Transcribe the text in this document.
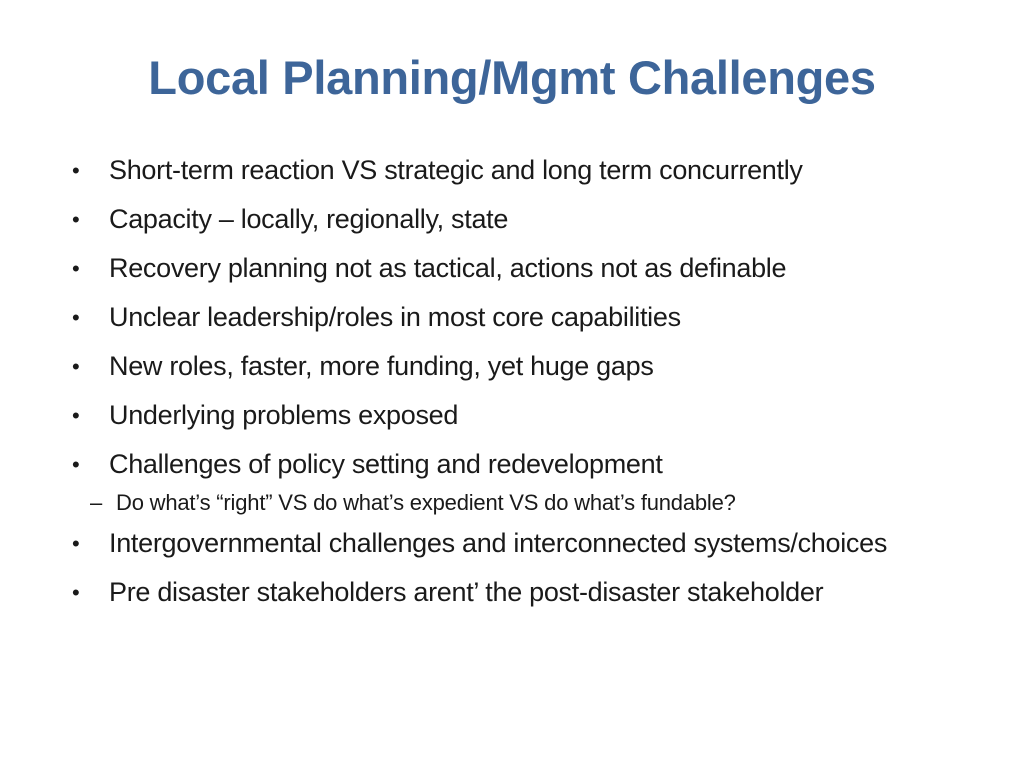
Local Planning/Mgmt Challenges
• Short-term reaction VS strategic and long term concurrently
• Capacity – locally, regionally, state
• Recovery planning not as tactical, actions not as definable
• Unclear leadership/roles in most core capabilities
• New roles, faster, more funding, yet huge gaps
• Underlying problems exposed
• Challenges of policy setting and redevelopment
– Do what’s “right” VS do what’s expedient VS do what’s fundable?
• Intergovernmental challenges and interconnected systems/choices
• Pre disaster stakeholders arent’ the post-disaster stakeholder
